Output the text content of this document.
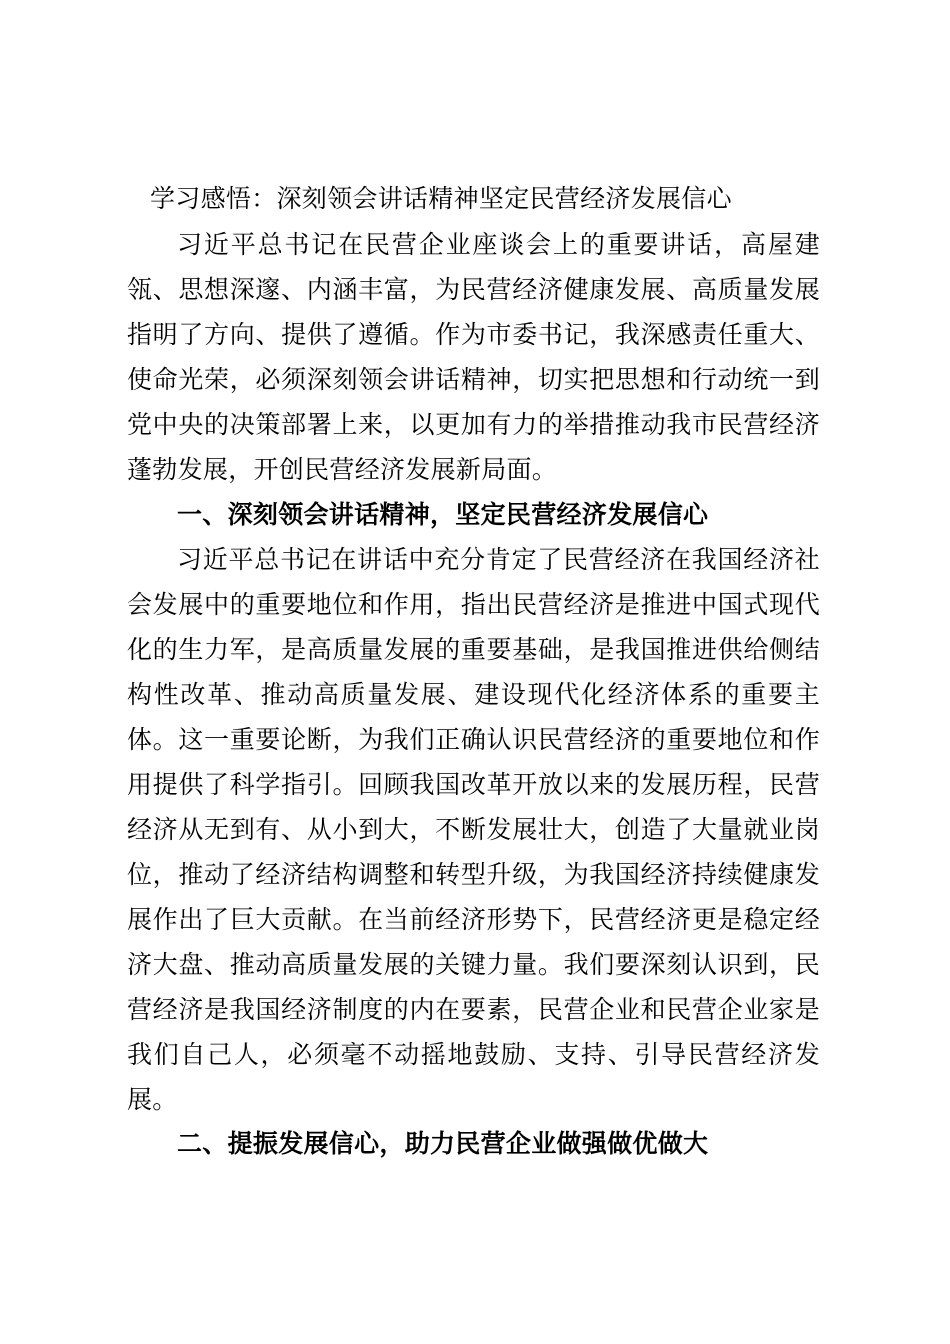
学习感悟：深刻领会讲话精神坚定民营经济发展信心

习近平总书记在民营企业座谈会上的重要讲话，高屋建瓴、思想深邃、内涵丰富，为民营经济健康发展、高质量发展指明了方向、提供了遵循。作为市委书记，我深感责任重大、使命光荣，必须深刻领会讲话精神，切实把思想和行动统一到党中央的决策部署上来，以更加有力的举措推动我市民营经济蓬勃发展，开创民营经济发展新局面。

一、深刻领会讲话精神，坚定民营经济发展信心

习近平总书记在讲话中充分肯定了民营经济在我国经济社会发展中的重要地位和作用，指出民营经济是推进中国式现代化的生力军，是高质量发展的重要基础，是我国推进供给侧结构性改革、推动高质量发展、建设现代化经济体系的重要主体。这一重要论断，为我们正确认识民营经济的重要地位和作用提供了科学指引。回顾我国改革开放以来的发展历程，民营经济从无到有、从小到大，不断发展壮大，创造了大量就业岗位，推动了经济结构调整和转型升级，为我国经济持续健康发展作出了巨大贡献。在当前经济形势下，民营经济更是稳定经济大盘、推动高质量发展的关键力量。我们要深刻认识到，民营经济是我国经济制度的内在要素，民营企业和民营企业家是我们自己人，必须毫不动摇地鼓励、支持、引导民营经济发展。

二、提振发展信心，助力民营企业做强做优做大
